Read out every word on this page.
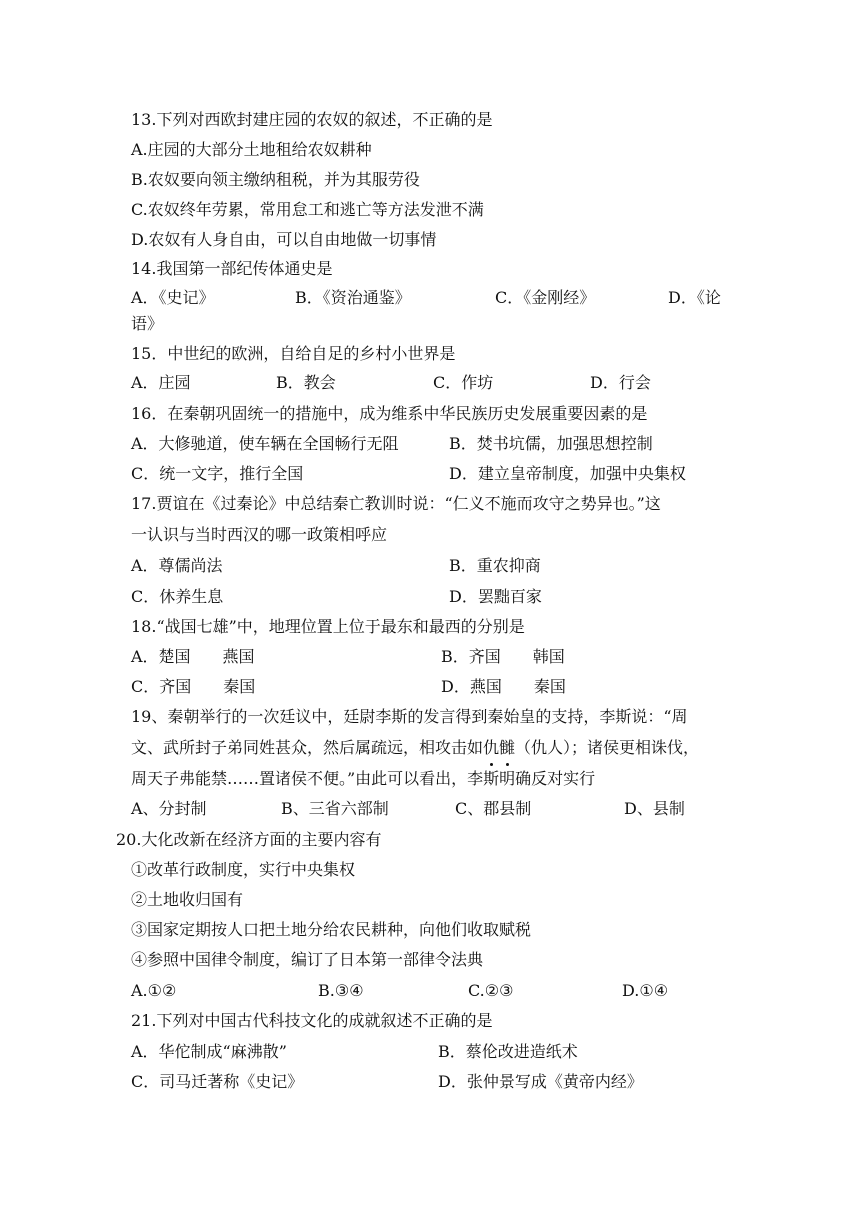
13.下列对西欧封建庄园的农奴的叙述，不正确的是
A.庄园的大部分土地租给农奴耕种
B.农奴要向领主缴纳租税，并为其服劳役
C.农奴终年劳累，常用怠工和逃亡等方法发泄不满
D.农奴有人身自由，可以自由地做一切事情
14.我国第一部纪传体通史是
A．《史记》	B．《资治通鉴》	C．《金刚经》	D．《论
语》
15．中世纪的欧洲，自给自足的乡村小世界是
A．庄园	B．教会	C．作坊	D．行会
16．在秦朝巩固统一的措施中，成为维系中华民族历史发展重要因素的是
A．大修驰道，使车辆在全国畅行无阻	B．焚书坑儒，加强思想控制
C．统一文字，推行全国	D．建立皇帝制度，加强中央集权
17.贾谊在《过秦论》中总结秦亡教训时说：“仁义不施而攻守之势异也。”这
一认识与当时西汉的哪一政策相呼应
A．尊儒尚法	B．重农抑商
C．休养生息	D．罢黜百家
18.“战国七雄”中，地理位置上位于最东和最西的分别是
A．楚国　　燕国	B．齐国　　韩国
C．齐国　　秦国	D．燕国　　秦国
19、秦朝举行的一次廷议中，廷尉李斯的发言得到秦始皇的支持，李斯说：“周
文、武所封子弟同姓甚众，然后属疏远，相攻击如仇雠（仇人）；诸侯更相诛伐，
周天子弗能禁……置诸侯不便。”由此可以看出，李斯明确反对实行
A、分封制	B、三省六部制	C、郡县制	D、县制
20.大化改新在经济方面的主要内容有
①改革行政制度，实行中央集权
②土地收归国有
③国家定期按人口把土地分给农民耕种，向他们收取赋税
④参照中国律令制度，编订了日本第一部律令法典
A.①②	B.③④	C.②③	D.①④
21.下列对中国古代科技文化的成就叙述不正确的是
A．华佗制成“麻沸散”	B．蔡伦改进造纸术
C．司马迁著称《史记》	D．张仲景写成《黄帝内经》
